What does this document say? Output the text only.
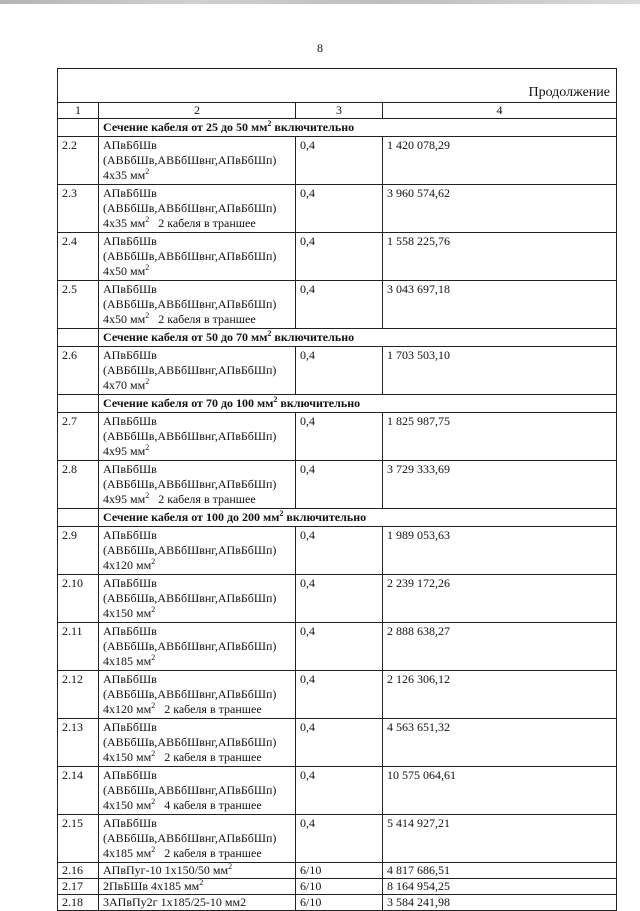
8
Продолжение
1	2	3	4
	Сечение кабеля от 25 до 50 $мм^2$ включительно		
2.2	АПвБбШв
(АВБбШв,АВБбШвнг,АПвБбШп)
4х35 $мм^2$	0,4	1 420 078,29
2.3	АПвБбШв
(АВБбШв,АВБбШвнг,АПвБбШп)
4х35 $мм^2$ 2 кабеля в траншее	0,4	3 960 574,62
2.4	АПвБбШв
(АВБбШв,АВБбШвнг,АПвБбШп)
4х50 $мм^2$	0,4	1 558 225,76
2.5	АПвБбШв
(АВБбШв,АВБбШвнг,АПвБбШп)
4х50 $мм^2$ 2 кабеля в траншее	0,4	3 043 697,18
	Сечение кабеля от 50 до 70 $мм^2$ включительно		
2.6	АПвБбШв
(АВБбШв,АВБбШвнг,АПвБбШп)
4х70 $мм^2$	0,4	1 703 503,10
	Сечение кабеля от 70 до 100 $мм^2$ включительно		
2.7	АПвБбШв
(АВБбШв,АВБбШвнг,АПвБбШп)
4х95 $мм^2$	0,4	1 825 987,75
2.8	АПвБбШв
(АВБбШв,АВБбШвнг,АПвБбШп)
4х95 $мм^2$ 2 кабеля в траншее	0,4	3 729 333,69
	Сечение кабеля от 100 до 200 $мм^2$ включительно		
2.9	АПвБбШв
(АВБбШв,АВБбШвнг,АПвБбШп)
4х120 $мм^2$	0,4	1 989 053,63
2.10	АПвБбШв
(АВБбШв,АВБбШвнг,АПвБбШп)
4х150 $мм^2$	0,4	2 239 172,26
2.11	АПвБбШв
(АВБбШв,АВБбШвнг,АПвБбШп)
4х185 $мм^2$	0,4	2 888 638,27
2.12	АПвБбШв
(АВБбШв,АВБбШвнг,АПвБбШп)
4х120 $мм^2$ 2 кабеля в траншее	0,4	2 126 306,12
2.13	АПвБбШв
(АВБбШв,АВБбШвнг,АПвБбШп)
4х150 $мм^2$ 2 кабеля в траншее	0,4	4 563 651,32
2.14	АПвБбШв
(АВБбШв,АВБбШвнг,АПвБбШп)
4х150 $мм^2$ 4 кабеля в траншее	0,4	10 575 064,61
2.15	АПвБбШв
(АВБбШв,АВБбШвнг,АПвБбШп)
4х185 $мм^2$ 2 кабеля в траншее	0,4	5 414 927,21
2.16	АПвПуг-10 1х150/50 $мм^2$	6/10	4 817 686,51
2.17	2ПвБШв 4х185 $мм^2$	6/10	8 164 954,25
2.18	3АПвПу2г 1х185/25-10 мм2	6/10	3 584 241,98
